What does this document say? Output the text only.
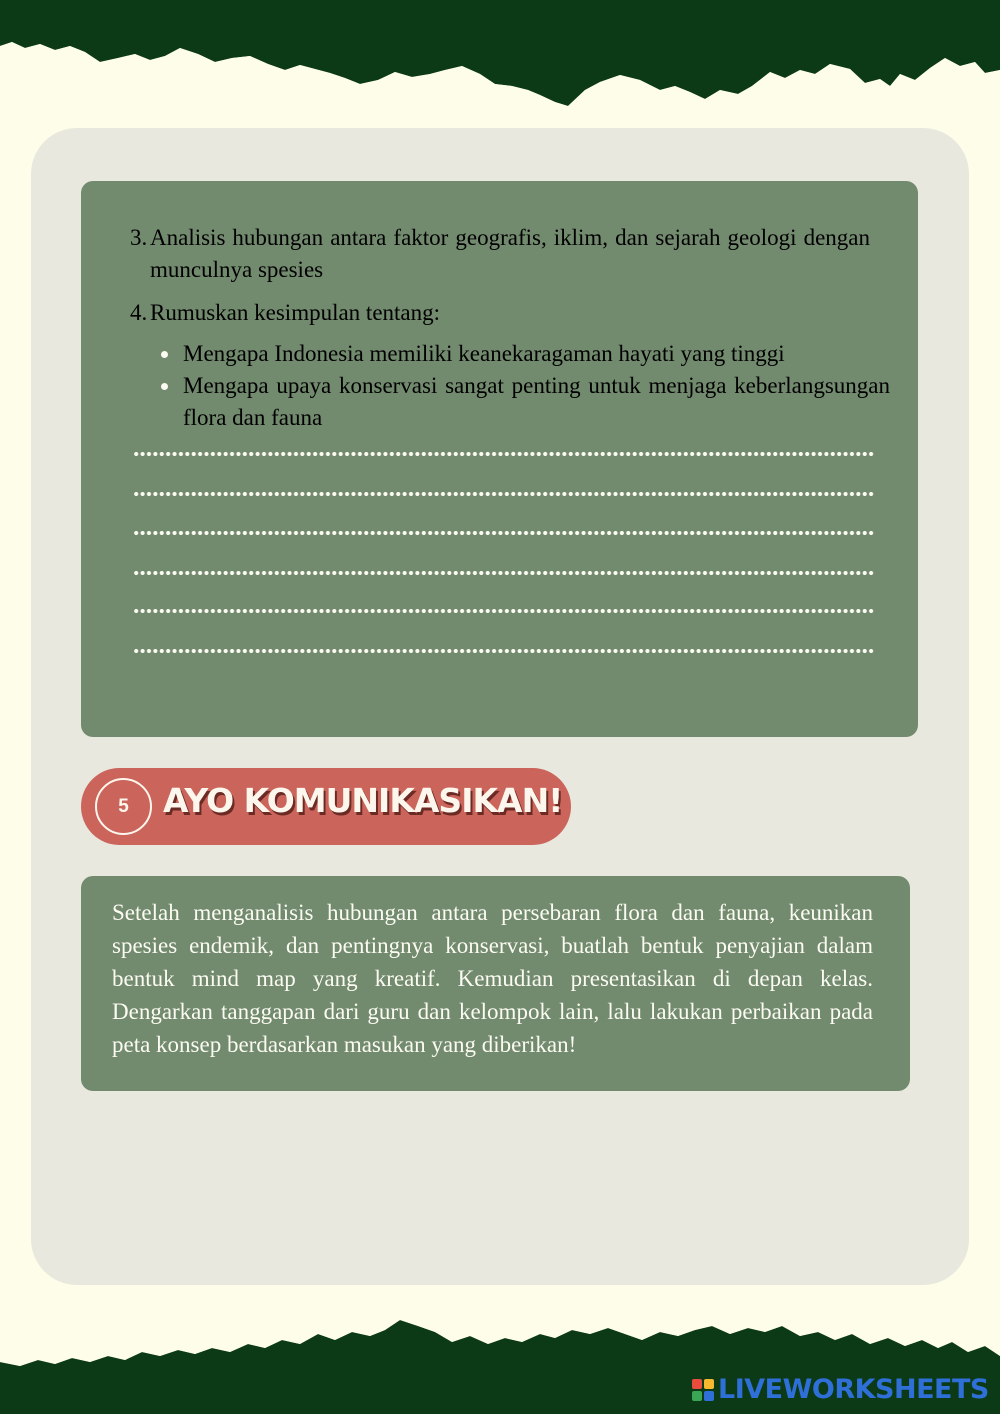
3. Analisis hubungan antara faktor geografis, iklim, dan sejarah geologi dengan munculnya spesies
4. Rumuskan kesimpulan tentang:
Mengapa Indonesia memiliki keanekaragaman hayati yang tinggi
Mengapa upaya konservasi sangat penting untuk menjaga keberlangsungan flora dan fauna
5	AYO KOMUNIKASIKAN!
Setelah menganalisis hubungan antara persebaran flora dan fauna, keunikan spesies endemik, dan pentingnya konservasi, buatlah bentuk penyajian dalam bentuk mind map yang kreatif. Kemudian presentasikan di depan kelas. Dengarkan tanggapan dari guru dan kelompok lain, lalu lakukan perbaikan pada peta konsep berdasarkan masukan yang diberikan!
LIVEWORKSHEETS
